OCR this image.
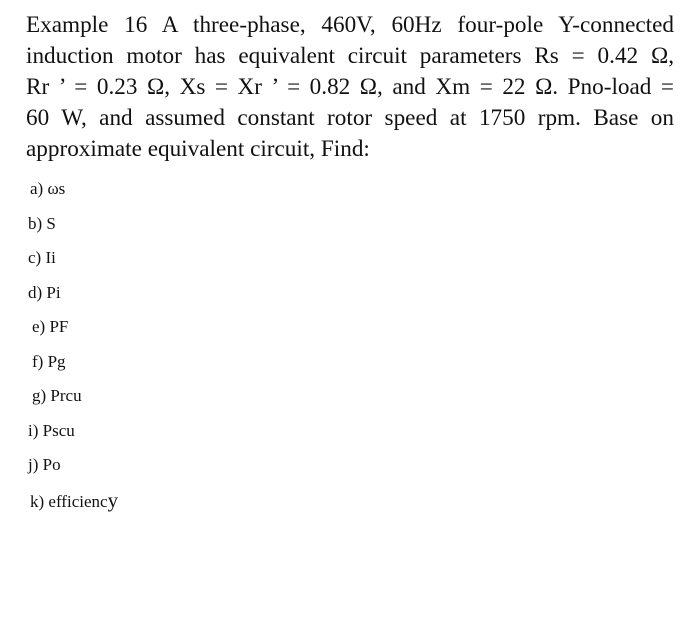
Example 16 A three-phase, 460V, 60Hz four-pole Y-connected
induction motor has equivalent circuit parameters Rs = 0.42 Ω,
Rr ’ = 0.23 Ω, Xs = Xr ’ = 0.82 Ω, and Xm = 22 Ω. Pno-load =
60 W, and assumed constant rotor speed at 1750 rpm. Base on
approximate equivalent circuit, Find:
a) ωs
b) S
c) Ii
d) Pi
e) PF
f) Pg
g) Prcu
i) Pscu
j) Po
k) efficiency
